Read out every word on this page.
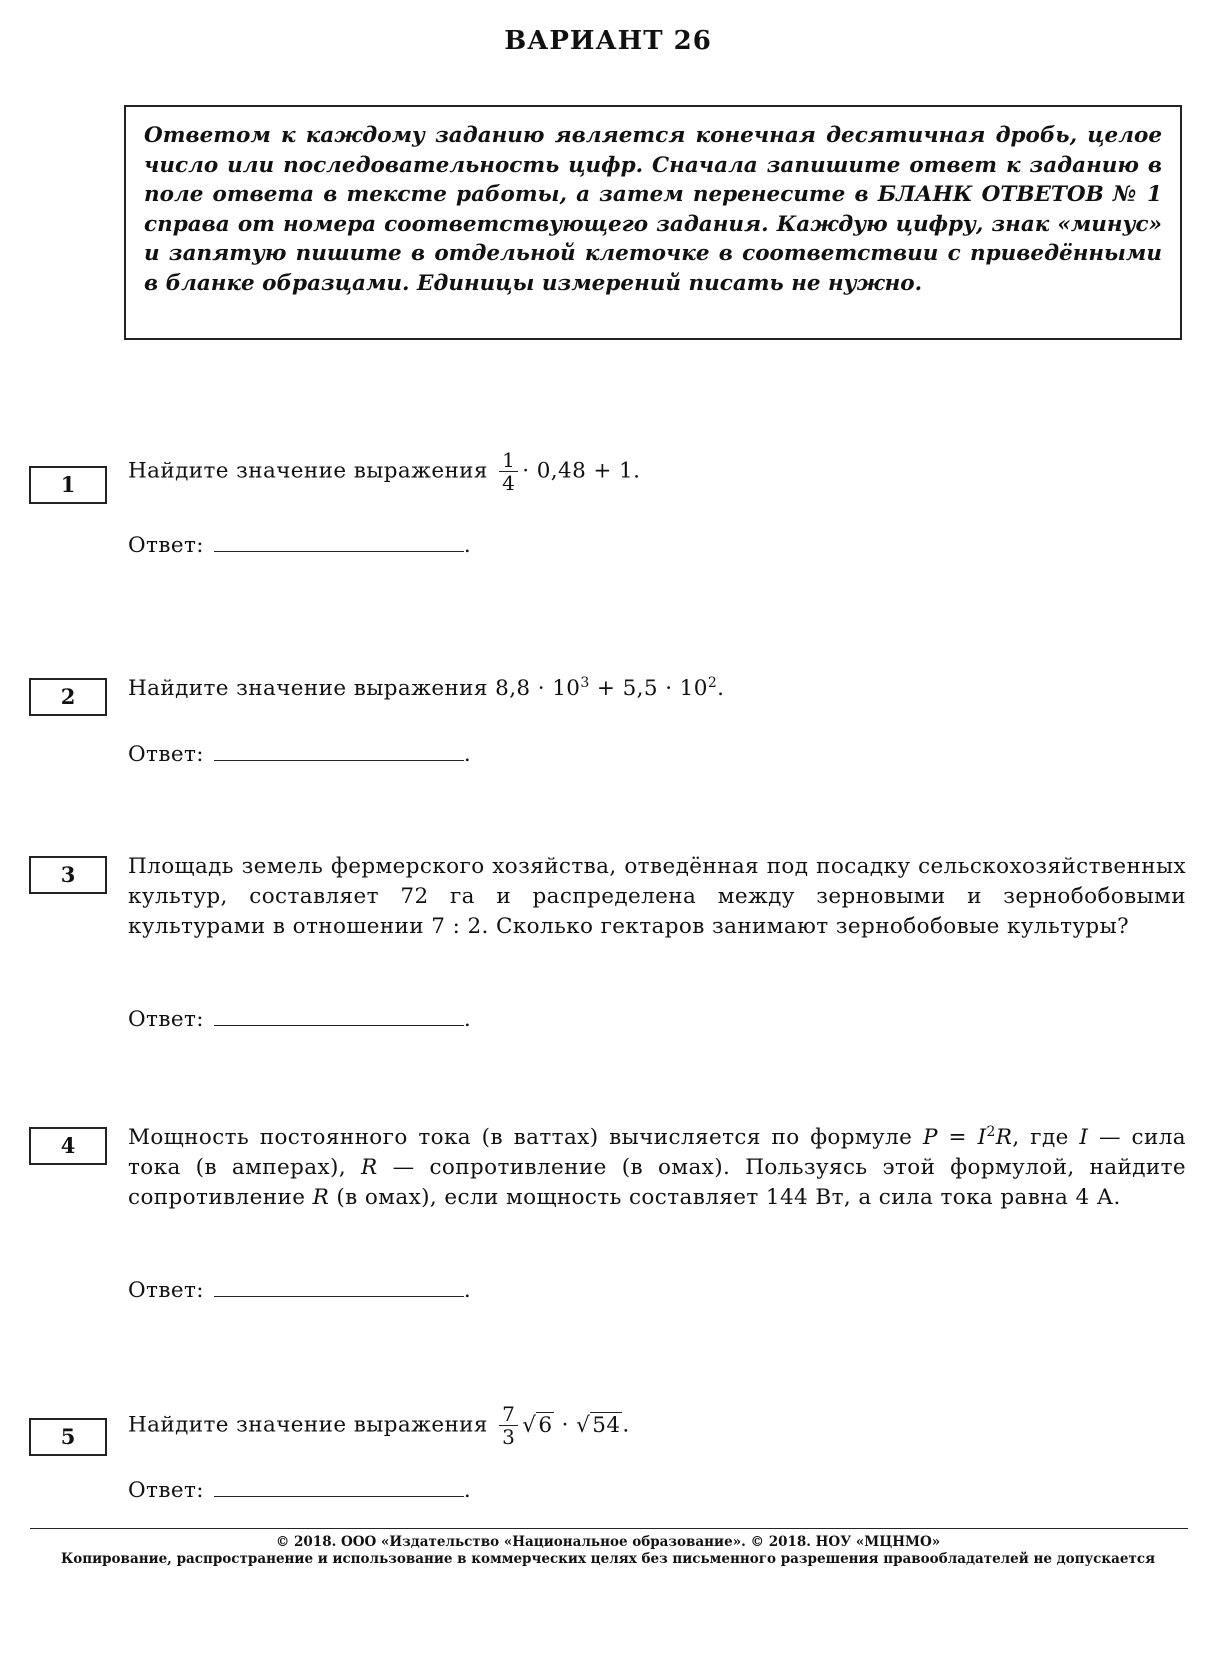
ВАРИАНТ 26
Ответом к каждому заданию является конечная десятичная дробь, целое число или последовательность цифр. Сначала запишите ответ к заданию в поле ответа в тексте работы, а затем перенесите в БЛАНК ОТВЕТОВ № 1 справа от номера соответствующего задания. Каждую цифру, знак «минус» и запятую пишите в отдельной клеточке в соответствии с приведёнными в бланке образцами. Единицы измерений писать не нужно.
1
Найдите значение выражения $\frac{1}{4} \cdot 0,48 + 1$.
Ответ:	.
2	Найдите значение выражения $8,8 \cdot 10^3 + 5,5 \cdot 10^2$.
Ответ:	.
3	Площадь земель фермерского хозяйства, отведённая под посадку сельскохозяйственных культур, составляет 72 га и распределена между зерновыми и зернобобовыми культурами в отношении 7 : 2. Сколько гектаров занимают зернобобовые культуры?
Ответ:	.
4	Мощность постоянного тока (в ваттах) вычисляется по формуле $P = I^2R$, где I — сила тока (в амперах), R — сопротивление (в омах). Пользуясь этой формулой, найдите сопротивление R (в омах), если мощность составляет 144 Вт, а сила тока равна 4 А.
Ответ:	.
5	Найдите значение выражения $\frac{7}{3} √6 \cdot √54$.
Ответ:	.
© 2018. ООО «Издательство «Национальное образование». © 2018. НОУ «МЦНМО»
Копирование, распространение и использование в коммерческих целях без письменного разрешения правообладателей не допускается
